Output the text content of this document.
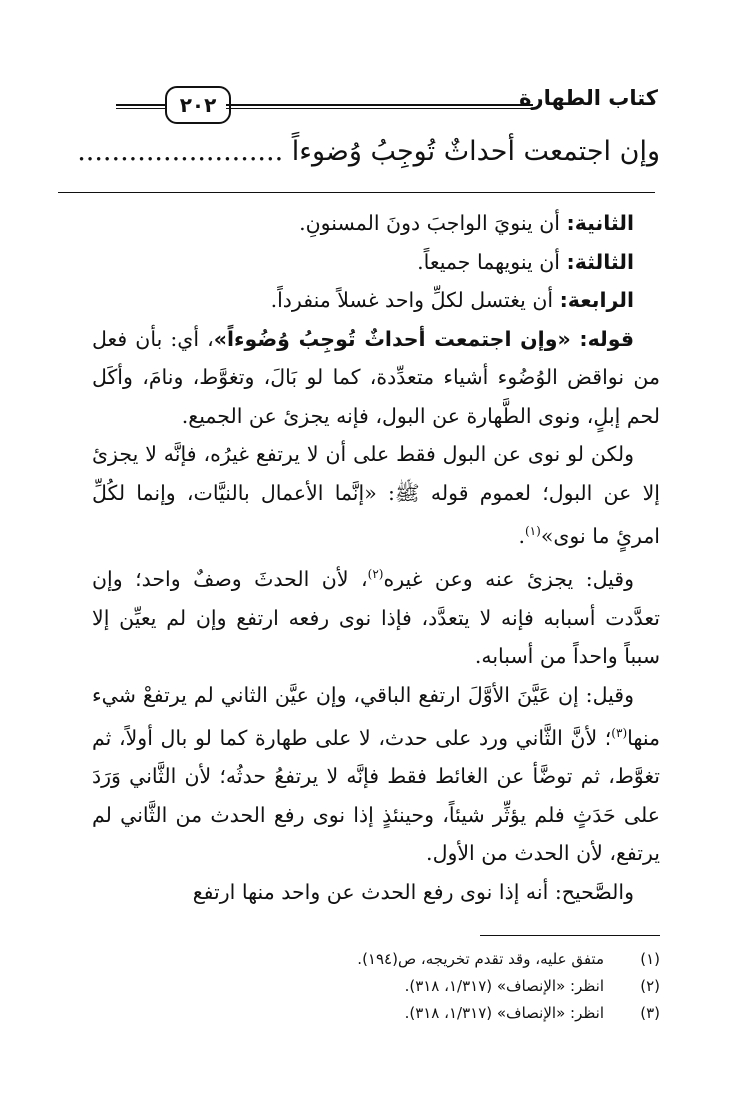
٢٠٢	كتاب الطهارة
وإن اجتمعت أحداثٌ تُوجِبُ وُضوءاً ........................

الثانية: أن ينويَ الواجبَ دونَ المسنونِ.

الثالثة: أن ينويهما جميعاً.

الرابعة: أن يغتسل لكلِّ واحد غسلاً منفرداً.

قوله: «وإن اجتمعت أحداثٌ تُوجِبُ وُضُوءاً»، أي: بأن فعل من نواقض الوُضُوء أشياء متعدِّدة، كما لو بَالَ، وتغوَّط، ونامَ، وأكَل لحم إبلٍ، ونوى الطَّهارة عن البول، فإنه يجزئ عن الجميع.

ولكن لو نوى عن البول فقط على أن لا يرتفع غيرُه، فإنَّه لا يجزئ إلا عن البول؛ لعموم قوله ﷺ: «إنَّما الأعمال بالنيَّات، وإنما لكُلِّ امرئٍ ما نوى»$^{(١)}$.

وقيل: يجزئ عنه وعن غيره$^{(٢)}$، لأن الحدثَ وصفٌ واحد؛ وإن تعدَّدت أسبابه فإنه لا يتعدَّد، فإذا نوى رفعه ارتفع وإن لم يعيِّن إلا سبباً واحداً من أسبابه.

وقيل: إن عَيَّنَ الأوَّلَ ارتفع الباقي، وإن عيَّن الثاني لم يرتفعْ شيء منها$^{(٣)}$؛ لأنَّ الثَّاني ورد على حدث، لا على طهارة كما لو بال أولاً، ثم تغوَّط، ثم توضَّأ عن الغائط فقط فإنَّه لا يرتفعُ حدثُه؛ لأن الثَّاني وَرَدَ على حَدَثٍ فلم يؤثِّر شيئاً، وحينئذٍ إذا نوى رفع الحدث من الثَّاني لم يرتفع، لأن الحدث من الأول.

والصَّحيح: أنه إذا نوى رفع الحدث عن واحد منها ارتفع

(١)
متفق عليه، وقد تقدم تخريجه، ص(١٩٤).
(٢)
انظر: «الإنصاف» (١/٣١٧، ٣١٨).
(٣)
انظر: «الإنصاف» (١/٣١٧، ٣١٨).
